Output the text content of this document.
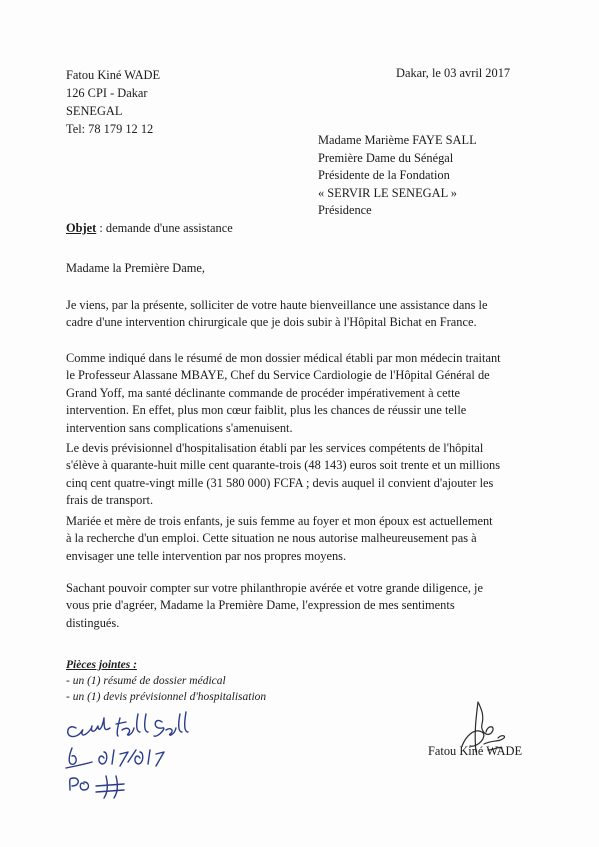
Fatou Kiné WADE
126 CPI - Dakar
SENEGAL
Tel: 78 179 12 12
Dakar, le 03 avril 2017
Madame Marième FAYE SALL
Première Dame du Sénégal
Présidente de la Fondation
« SERVIR LE SENEGAL »
Présidence
Objet : demande d'une assistance
Madame la Première Dame,
Je viens, par la présente, solliciter de votre haute bienveillance une assistance dans le
cadre d'une intervention chirurgicale que je dois subir à l'Hôpital Bichat en France.
Comme indiqué dans le résumé de mon dossier médical établi par mon médecin traitant
le Professeur Alassane MBAYE, Chef du Service Cardiologie de l'Hôpital Général de
Grand Yoff, ma santé déclinante commande de procéder impérativement à cette
intervention. En effet, plus mon cœur faiblit, plus les chances de réussir une telle
intervention sans complications s'amenuisent.
Le devis prévisionnel d'hospitalisation établi par les services compétents de l'hôpital
s'élève à quarante-huit mille cent quarante-trois (48 143) euros soit trente et un millions
cinq cent quatre-vingt mille (31 580 000) FCFA ; devis auquel il convient d'ajouter les
frais de transport.
Mariée et mère de trois enfants, je suis femme au foyer et mon époux est actuellement
à la recherche d'un emploi. Cette situation ne nous autorise malheureusement pas à
envisager une telle intervention par nos propres moyens.
Sachant pouvoir compter sur votre philanthropie avérée et votre grande diligence, je
vous prie d'agréer, Madame la Première Dame, l'expression de mes sentiments
distingués.
Pièces jointes :
- un (1) résumé de dossier médical
- un (1) devis prévisionnel d'hospitalisation
Fatou Kiné WADE
